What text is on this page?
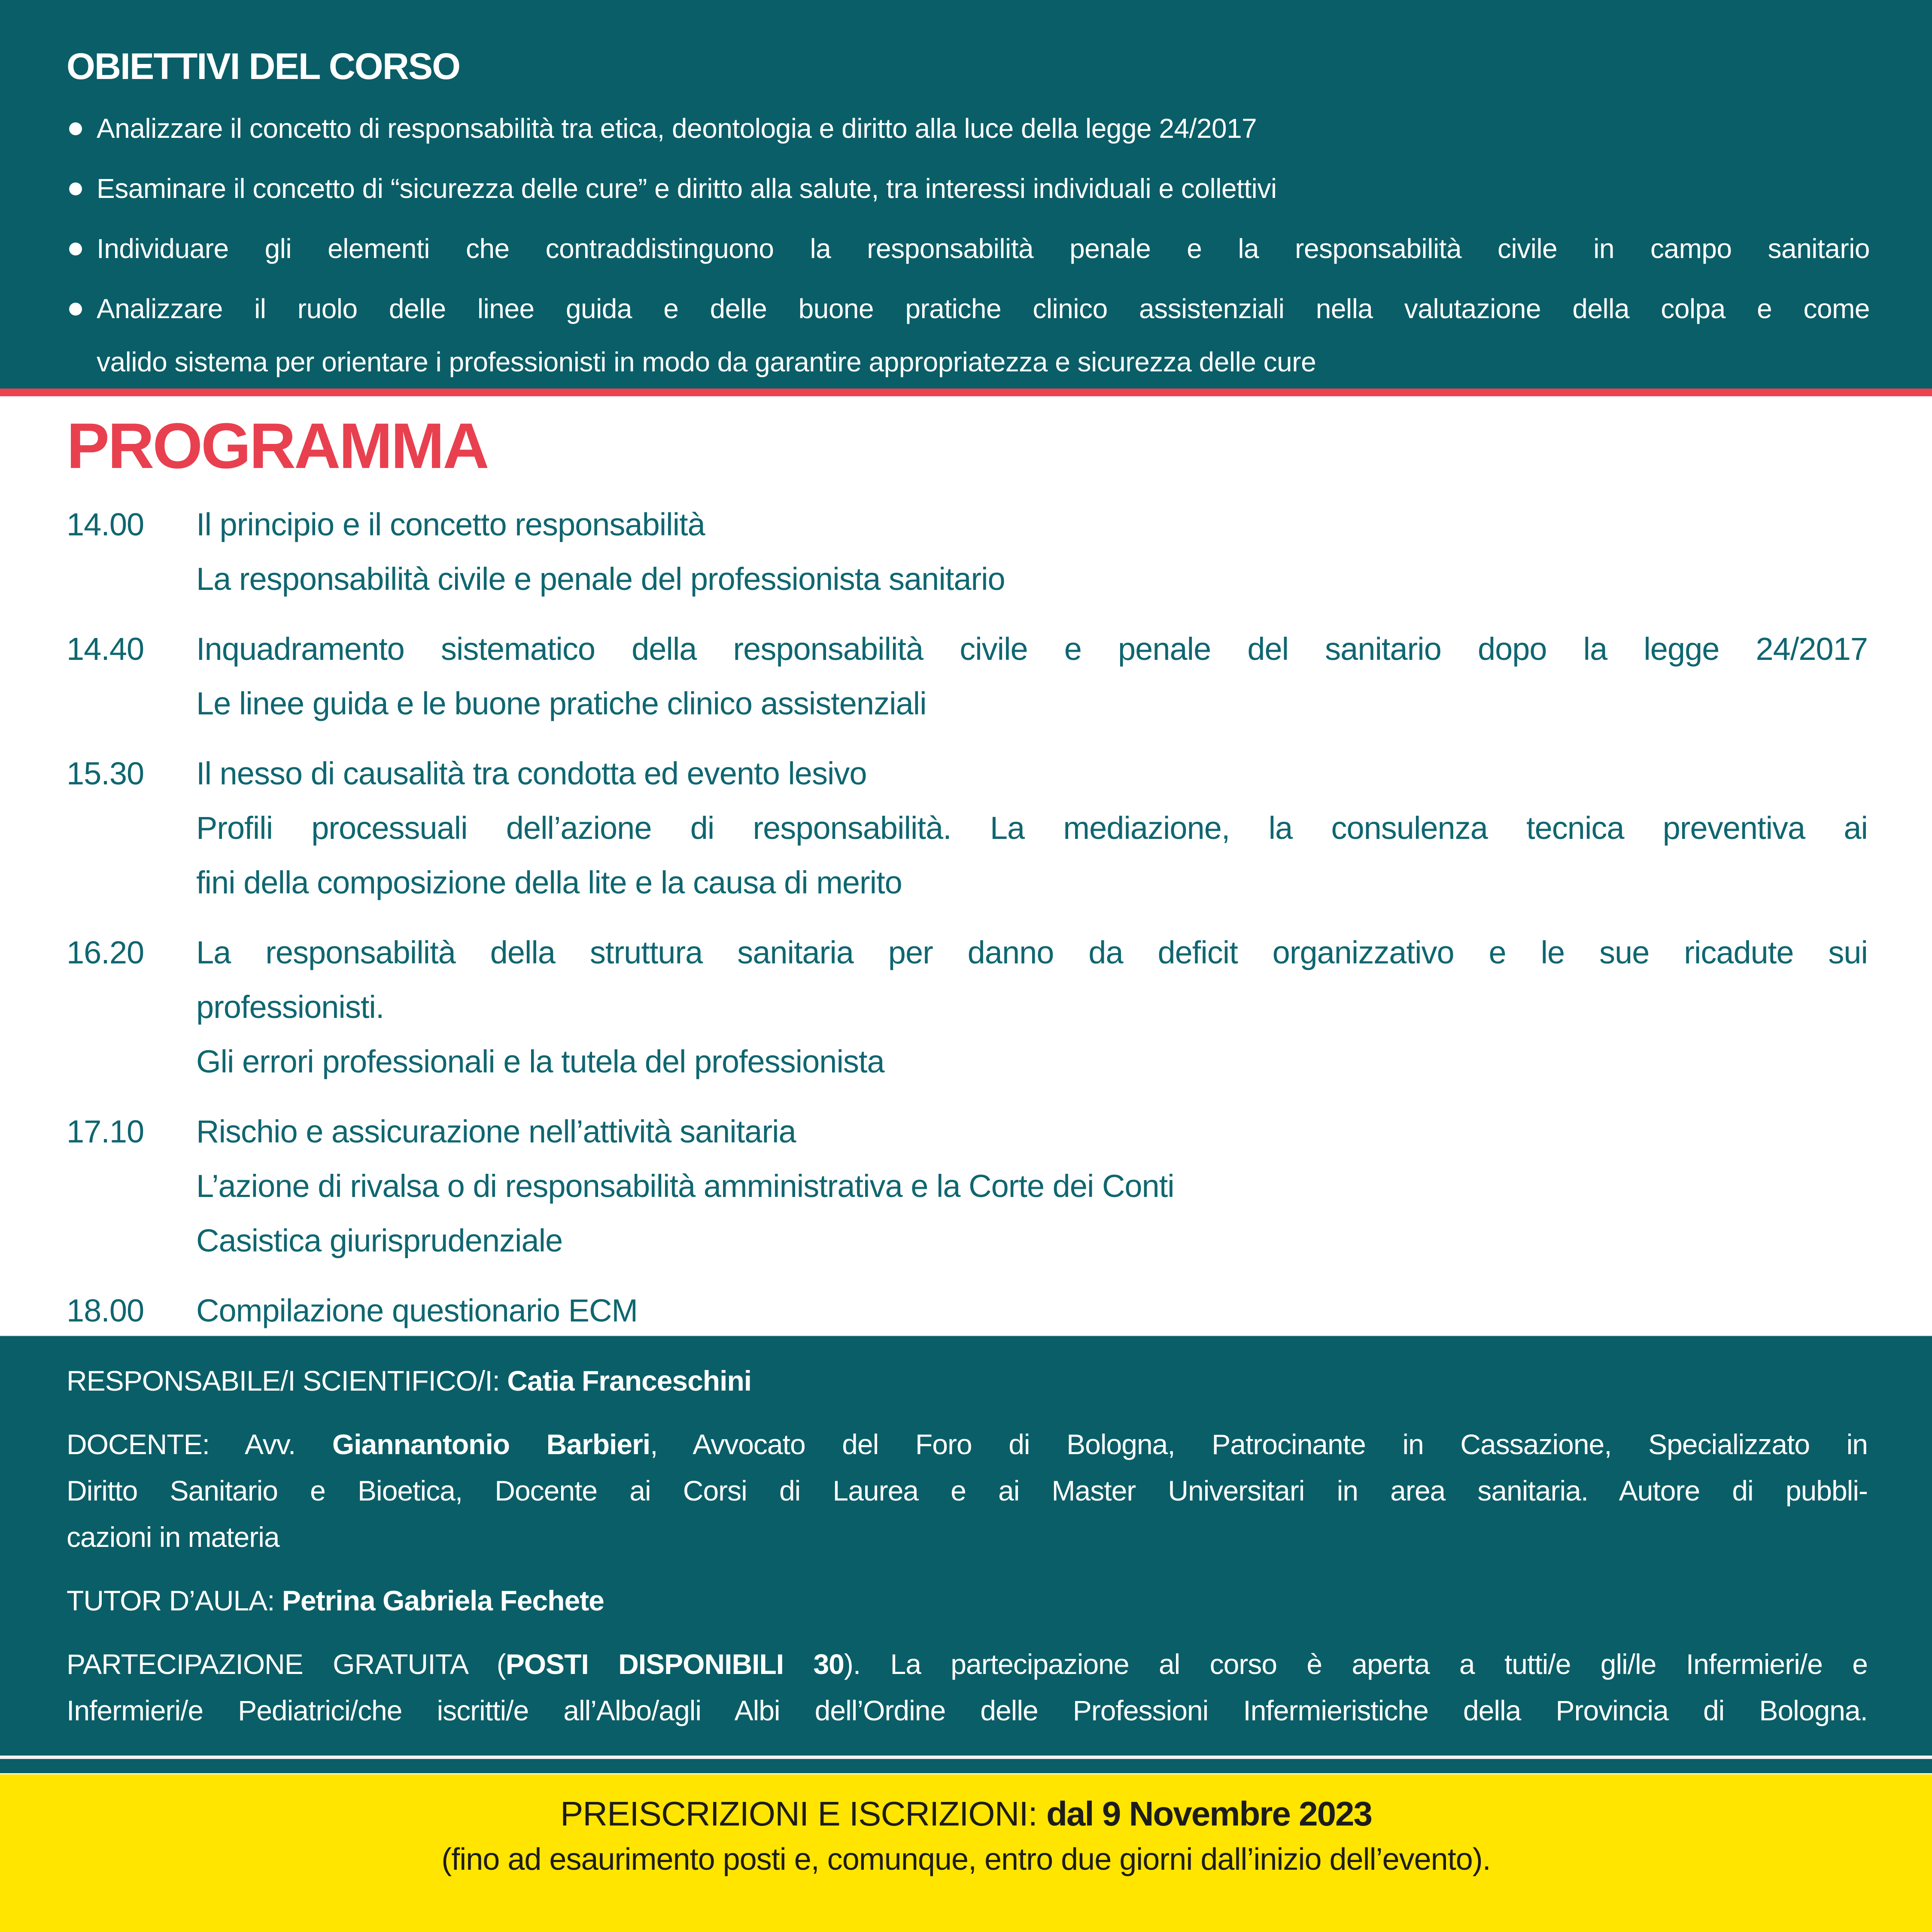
OBIETTIVI DEL CORSO
Analizzare il concetto di responsabilità tra etica, deontologia e diritto alla luce della legge 24/2017
Esaminare il concetto di “sicurezza delle cure” e diritto alla salute, tra interessi individuali e collettivi
Individuare gli elementi che contraddistinguono la responsabilità penale e la responsabilità civile in campo sanitario
Analizzare il ruolo delle linee guida e delle buone pratiche clinico assistenziali nella valutazione della colpa e come
valido sistema per orientare i professionisti in modo da garantire appropriatezza e sicurezza delle cure
PROGRAMMA
14.00	Il principio e il concetto responsabilità
La responsabilità civile e penale del professionista sanitario
14.40	Inquadramento sistematico della responsabilità civile e penale del sanitario dopo la legge 24/2017
Le linee guida e le buone pratiche clinico assistenziali
15.30	Il nesso di causalità tra condotta ed evento lesivo
Profili processuali dell’azione di responsabilità. La mediazione, la consulenza tecnica preventiva ai
fini della composizione della lite e la causa di merito
16.20	La responsabilità della struttura sanitaria per danno da deficit organizzativo e le sue ricadute sui
professionisti.
Gli errori professionali e la tutela del professionista
17.10	Rischio e assicurazione nell’attività sanitaria
L’azione di rivalsa o di responsabilità amministrativa e la Corte dei Conti
Casistica giurisprudenziale
18.00	Compilazione questionario ECM

RESPONSABILE/I SCIENTIFICO/I: Catia Franceschini

DOCENTE: Avv. Giannantonio Barbieri, Avvocato del Foro di Bologna, Patrocinante in Cassazione, Specializzato in
Diritto Sanitario e Bioetica, Docente ai Corsi di Laurea e ai Master Universitari in area sanitaria. Autore di pubbli-
cazioni in materia

TUTOR D’AULA: Petrina Gabriela Fechete

PARTECIPAZIONE GRATUITA (POSTI DISPONIBILI 30). La partecipazione al corso è aperta a tutti/e gli/le Infermieri/e e
Infermieri/e Pediatrici/che iscritti/e all’Albo/agli Albi dell’Ordine delle Professioni Infermieristiche della Provincia di Bologna.

PREISCRIZIONI E ISCRIZIONI: dal 9 Novembre 2023
(fino ad esaurimento posti e, comunque, entro due giorni dall’inizio dell’evento).
